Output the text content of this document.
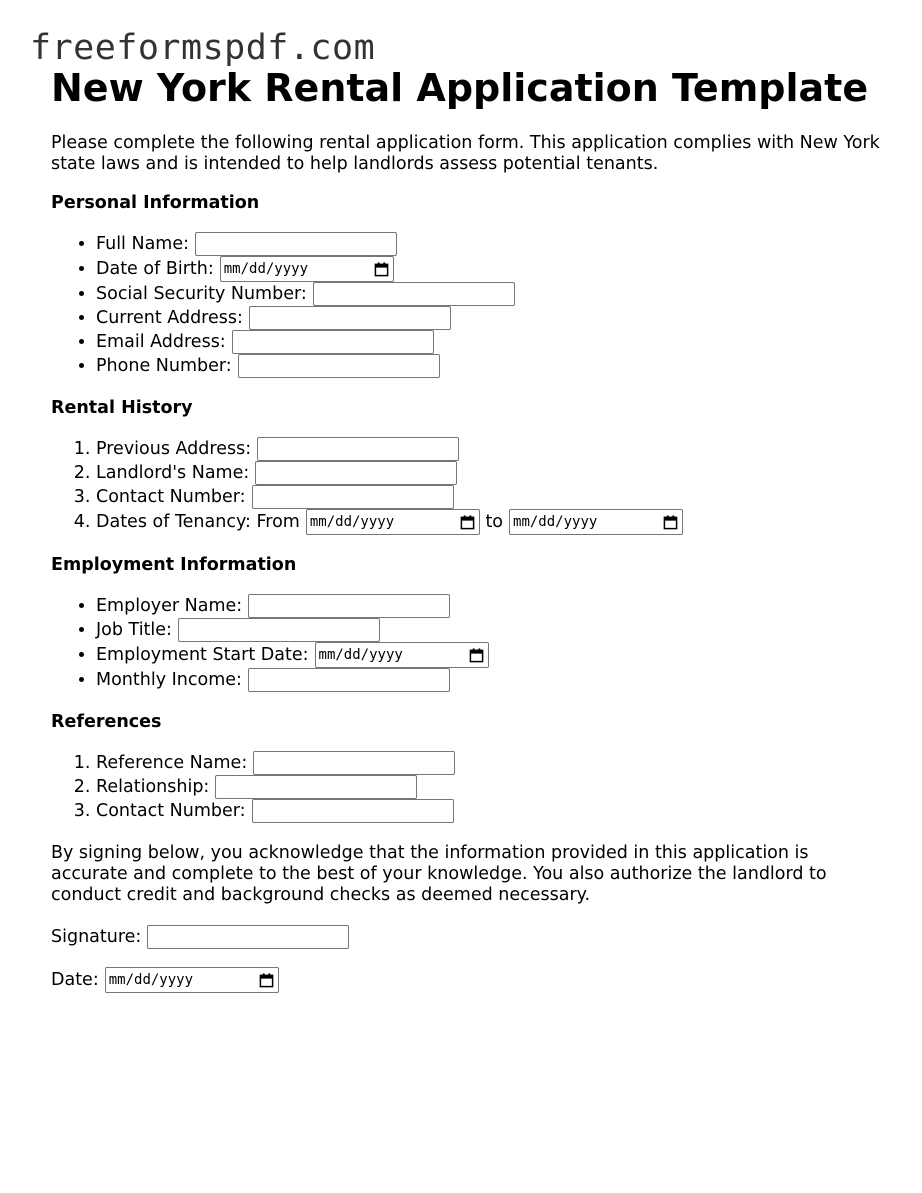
freeformspdf.com
New York Rental Application Template

Please complete the following rental application form. This application complies with New York state laws and is intended to help landlords assess potential tenants.

Personal Information
• Full Name:
• Date of Birth: mm/dd/yyyy
• Social Security Number:
• Current Address:
• Email Address:
• Phone Number:
Rental History
1. Previous Address:
2. Landlord's Name:
3. Contact Number:
4. Dates of Tenancy: From mm/dd/yyyy	to mm/dd/yyyy
Employment Information
• Employer Name:
• Job Title:
• Employment Start Date: mm/dd/yyyy
• Monthly Income:
References
1. Reference Name:
2. Relationship:
3. Contact Number:

By signing below, you acknowledge that the information provided in this application is accurate and complete to the best of your knowledge. You also authorize the landlord to conduct credit and background checks as deemed necessary.

Signature:
Date: mm/dd/yyyy
